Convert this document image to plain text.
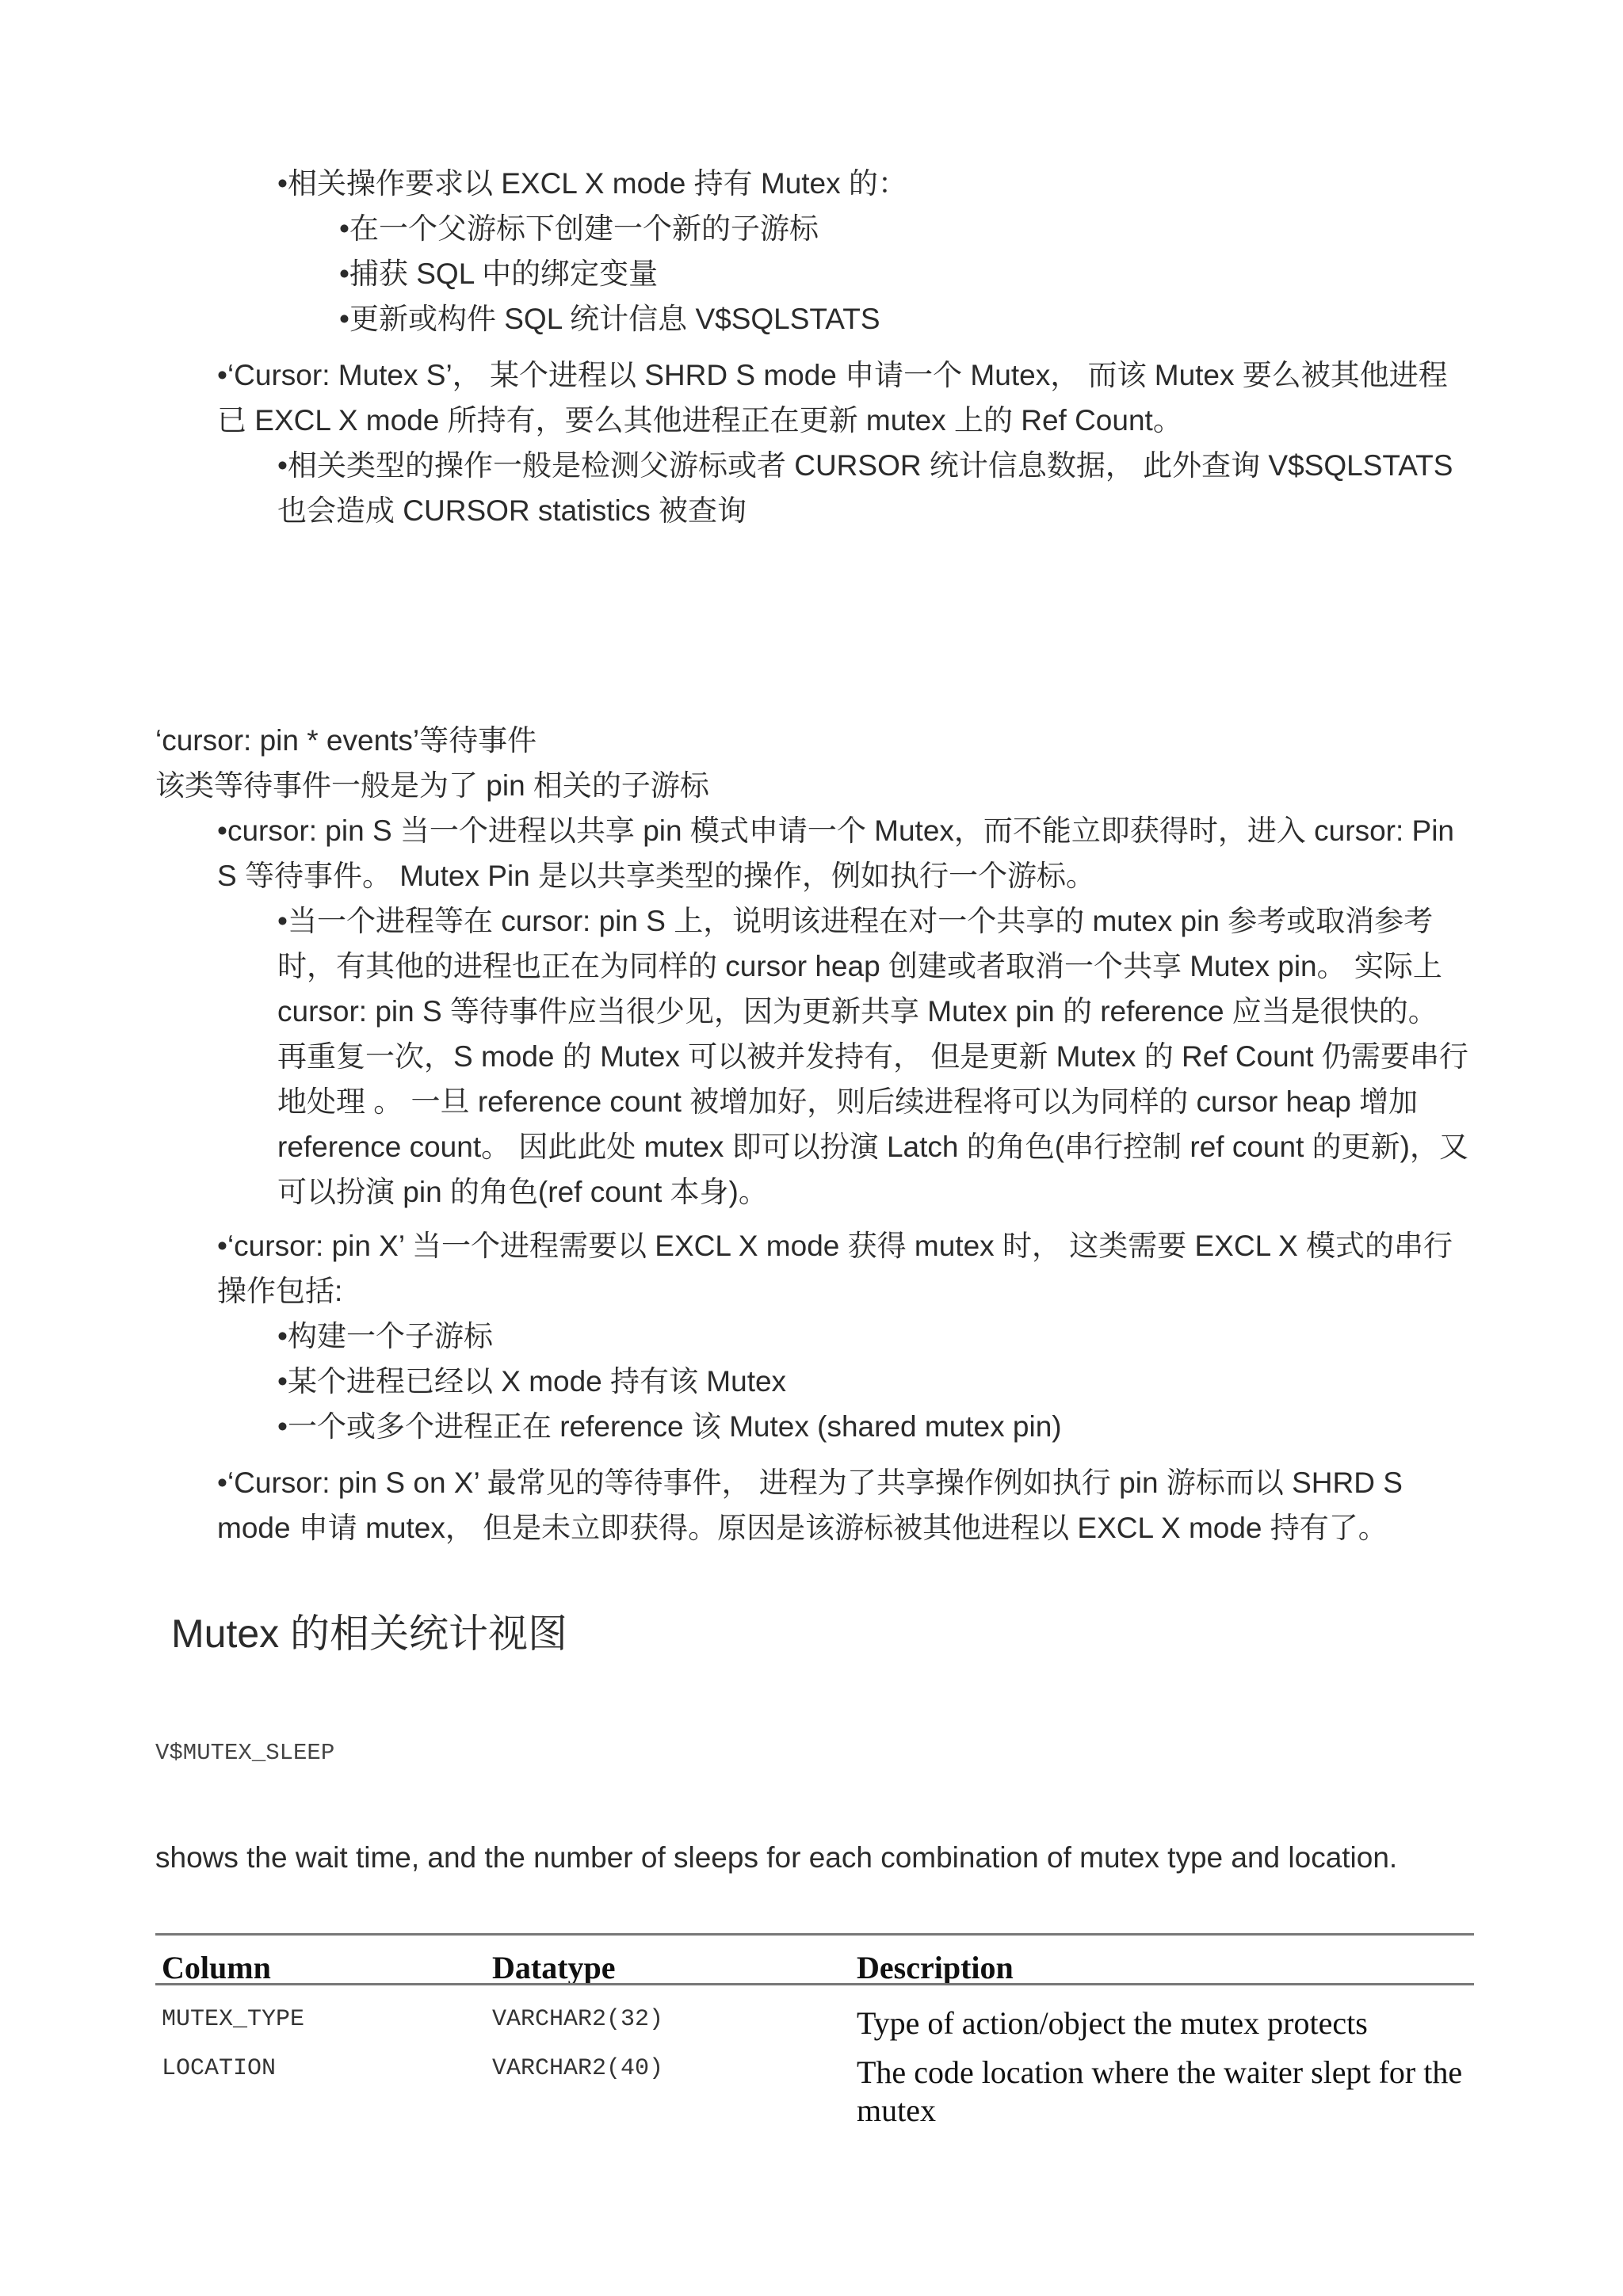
•相关操作要求以 EXCL X mode 持有 Mutex 的：
•在一个父游标下创建一个新的子游标
•捕获 SQL 中的绑定变量
•更新或构件 SQL 统计信息 V$SQLSTATS
•‘Cursor: Mutex S’， 某个进程以 SHRD S mode 申请一个 Mutex， 而该 Mutex 要么被其他进程已 EXCL X mode 所持有，要么其他进程正在更新 mutex 上的 Ref Count。
•相关类型的操作一般是检测父游标或者 CURSOR 统计信息数据， 此外查询 V$SQLSTATS 也会造成 CURSOR statistics 被查询
‘cursor: pin * events’等待事件
该类等待事件一般是为了 pin 相关的子游标
•cursor: pin S 当一个进程以共享 pin 模式申请一个 Mutex，而不能立即获得时，进入 cursor: Pin S 等待事件。 Mutex Pin 是以共享类型的操作，例如执行一个游标。
•当一个进程等在 cursor: pin S 上，说明该进程在对一个共享的 mutex pin 参考或取消参考时，有其他的进程也正在为同样的 cursor heap 创建或者取消一个共享 Mutex pin。 实际上 cursor: pin S 等待事件应当很少见，因为更新共享 Mutex pin 的 reference 应当是很快的。 再重复一次，S mode 的 Mutex 可以被并发持有， 但是更新 Mutex 的 Ref Count 仍需要串行地处理 。 一旦 reference count 被增加好，则后续进程将可以为同样的 cursor heap 增加 reference count。 因此此处 mutex 即可以扮演 Latch 的角色(串行控制 ref count 的更新)，又可以扮演 pin 的角色(ref count 本身)。
•‘cursor: pin X’ 当一个进程需要以 EXCL X mode 获得 mutex 时， 这类需要 EXCL X 模式的串行操作包括:
•构建一个子游标
•某个进程已经以 X mode 持有该 Mutex
•一个或多个进程正在 reference 该 Mutex (shared mutex pin)
•‘Cursor: pin S on X’ 最常见的等待事件， 进程为了共享操作例如执行 pin 游标而以 SHRD S mode 申请 mutex， 但是未立即获得。原因是该游标被其他进程以 EXCL X mode 持有了。
Mutex 的相关统计视图
V$MUTEX_SLEEP
shows the wait time, and the number of sleeps for each combination of mutex type and location.
Column	Datatype	Description
MUTEX_TYPE	VARCHAR2(32)	Type of action/object the mutex protects
LOCATION	VARCHAR2(40)	The code location where the waiter slept for the mutex
